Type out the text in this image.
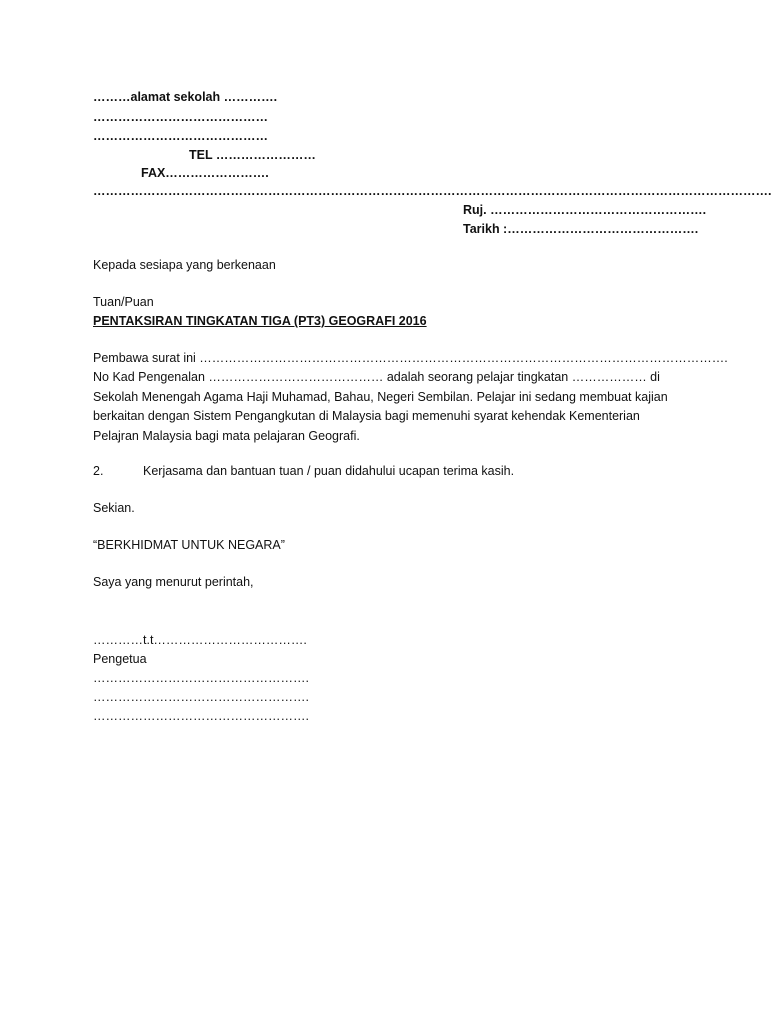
………alamat sekolah ………….
……………………………………
……………………………………
TEL ……………………
FAX…………………….
……………………………………………………………………………………………………………………………………………….
Ruj. …………………………………………….
Tarikh :……………………………………….
Kepada sesiapa yang berkenaan
Tuan/Puan
PENTAKSIRAN TINGKATAN TIGA (PT3) GEOGRAFI 2016
Pembawa surat ini ……………………………………………………………………………………………………………….
No Kad Pengenalan …………………………………… adalah seorang pelajar tingkatan ……………… di Sekolah Menengah Agama Haji Muhamad, Bahau, Negeri Sembilan. Pelajar ini sedang membuat kajian berkaitan dengan Sistem Pengangkutan di Malaysia bagi memenuhi syarat kehendak Kementerian Pelajran Malaysia bagi mata pelajaran Geografi.
2.	Kerjasama dan bantuan tuan / puan didahului ucapan terima kasih.
Sekian.
“BERKHIDMAT UNTUK NEGARA”
Saya yang menurut perintah,
…………t.t……………………………….
Pengetua
…………………………………………….
…………………………………………….
…………………………………………….
